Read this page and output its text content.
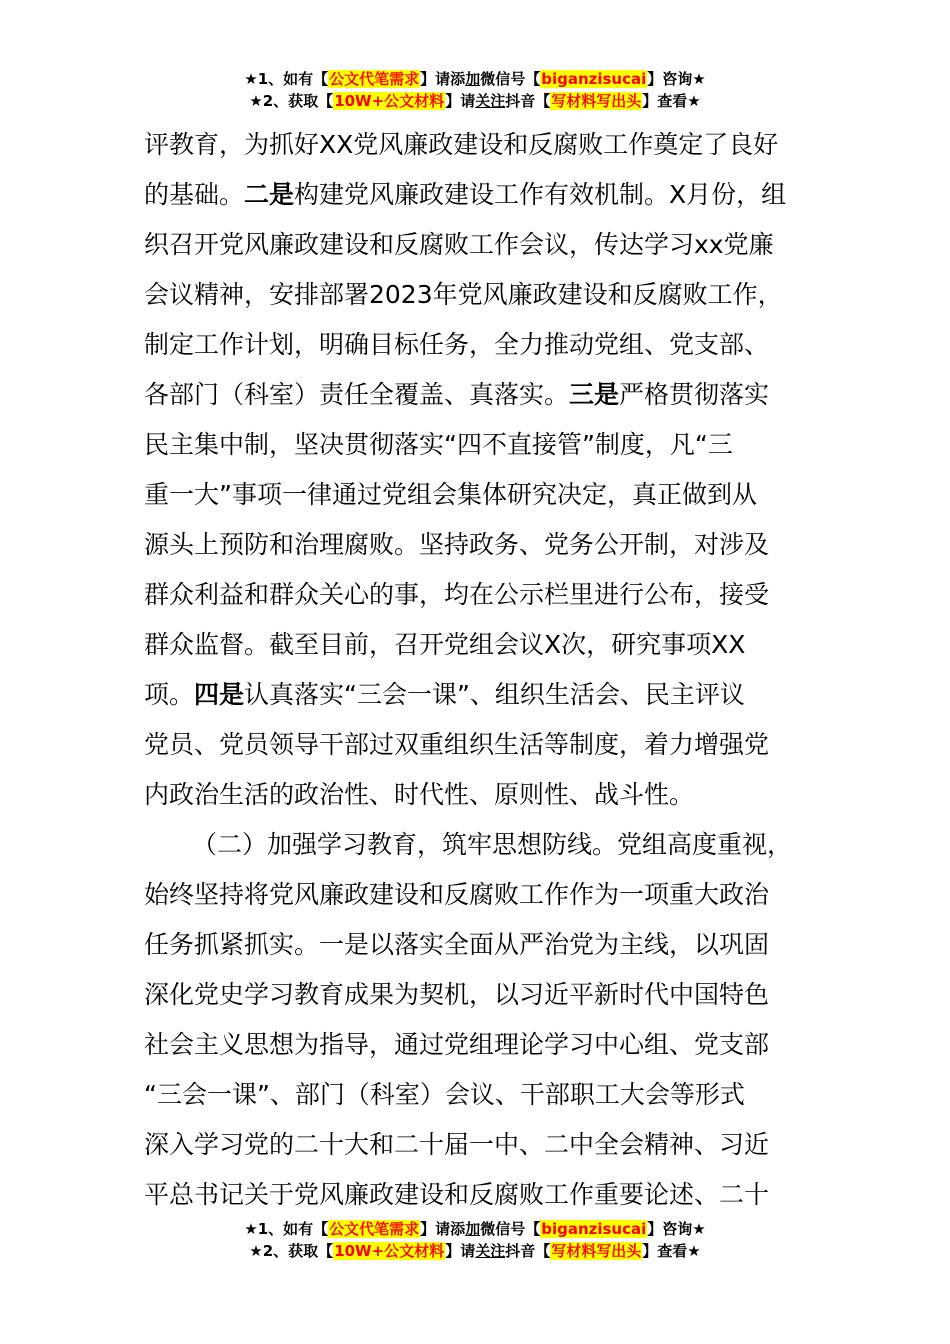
★1、如有【公文代笔需求】请添加微信号【biganzisucai】咨询★
★2、获取【10W+公文材料】请关注抖音【写材料写出头】查看★
评教育，为抓好XX党风廉政建设和反腐败工作奠定了良好
的基础。二是构建党风廉政建设工作有效机制。X月份，组
织召开党风廉政建设和反腐败工作会议，传达学习xx党廉
会议精神，安排部署2023年党风廉政建设和反腐败工作，
制定工作计划，明确目标任务，全力推动党组、党支部、
各部门（科室）责任全覆盖、真落实。三是严格贯彻落实
民主集中制，坚决贯彻落实“四不直接管”制度，凡“三
重一大”事项一律通过党组会集体研究决定，真正做到从
源头上预防和治理腐败。坚持政务、党务公开制，对涉及
群众利益和群众关心的事，均在公示栏里进行公布，接受
群众监督。截至目前，召开党组会议X次，研究事项XX
项。四是认真落实“三会一课”、组织生活会、民主评议
党员、党员领导干部过双重组织生活等制度，着力增强党
内政治生活的政治性、时代性、原则性、战斗性。
（二）加强学习教育，筑牢思想防线。党组高度重视，
始终坚持将党风廉政建设和反腐败工作作为一项重大政治
任务抓紧抓实。一是以落实全面从严治党为主线，以巩固
深化党史学习教育成果为契机，以习近平新时代中国特色
社会主义思想为指导，通过党组理论学习中心组、党支部
“三会一课”、部门（科室）会议、干部职工大会等形式
深入学习党的二十大和二十届一中、二中全会精神、习近
平总书记关于党风廉政建设和反腐败工作重要论述、二十
★1、如有【公文代笔需求】请添加微信号【biganzisucai】咨询★
★2、获取【10W+公文材料】请关注抖音【写材料写出头】查看★
